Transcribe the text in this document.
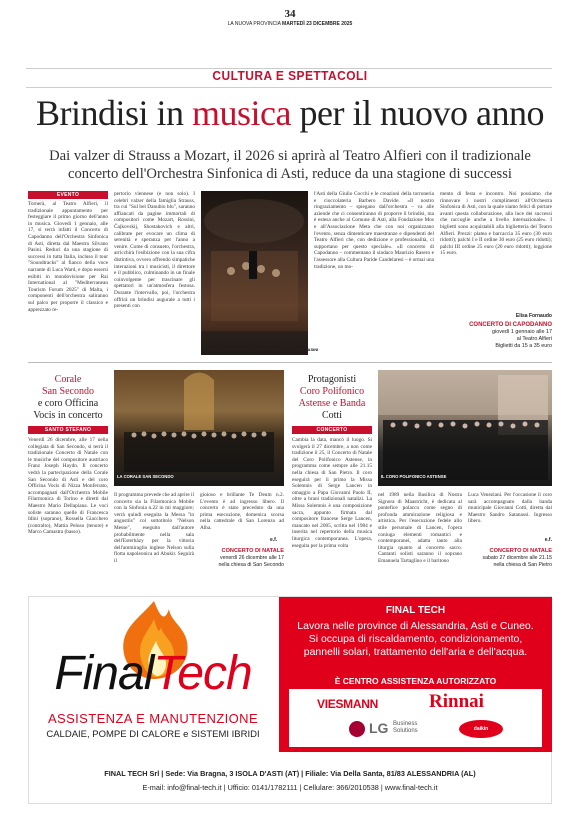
34
LA NUOVA PROVINCIA MARTEDÌ 23 DICEMBRE 2025
CULTURA E SPETTACOLI
Brindisi in musica per il nuovo anno
Dai valzer di Strauss a Mozart, il 2026 si aprirà al Teatro Alfieri con il tradizionale concerto dell'Orchestra Sinfonica di Asti, reduce da una stagione di successi
EVENTO
Tornerà, al Teatro Alfieri, il tradizionale appuntamento per festeggiare il primo giorno dell'anno in musica. Giovedì 1 gennaio, alle 17, si terrà infatti il Concerto di Capodanno dell'Orchestra Sinfonica di Asti, diretta dal Maestro Silvano Pasini. Reduci da una stagione di successi in tutta Italia, incluso il tour "Soundtracks" al fianco della voce narrante di Luca Ward, e dopo essersi esibiti in mondovisione per Rai International al "Mediterranean Tourism Forum 2025" di Malta, i componenti dell'orchestra saliranno sul palco per proporre il classico e apprezzato re-
pertorio viennese (e non solo). I celebri valzer della famiglia Strauss, tra cui "Sul bel Danubio blu", saranno affiancati da pagine immortali di compositori come Mozart, Rossini, Čajkovskij, Shostakovich e altri, calibrate per evocare un clima di serenità e speranza per l'anno a venire. Come di consueto, l'orchestra, arricchirà l'esibizione con la sua cifra distintiva, ovvero offrendo simpatiche interazioni tra i musicisti, il direttore e il pubblico, culminando in un finale coinvolgente per trascinare gli spettatori in un'atmosfera festosa. Durante l'intervallo, poi, l'orchestra offrirà un brindisi augurale a tutti i presenti con
SUL PALCO LA FORMAZIONE DIRETTA DA SILVANO PASINI
l'Asti della Giulio Cocchi e le creazioni della torroneria e cioccolateria Barbero Davide. «Il nostro ringraziamento – spiegano dall'orchestra – va alle aziende che ci consentiranno di proporre il brindisi, ma è estesa anche al Comune di Asti, alla Fondazione Mos e all'Associazione Meta che con noi organizzano l'evento, senza dimenticare maestranze e dipendenti del Teatro Alfieri che, con dedizione e professionalità, ci supportano per questo speciale». «Il concerto di Capodanno – commentano il sindaco Maurizio Rasero e l'assessore alla Cultura Paride Candelaresi – è ormai una tradizione, un mo-
mento di festa e incontro. Noi possiamo che rinnovare i nostri complimenti all'Orchestra Sinfonica di Asti, con la quale siamo felici di portare avanti questa collaborazione, alla luce dei successi che raccoglie anche a livello internazionale». I biglietti sono acquistabili alla biglietteria del Teatro Alfieri. Prezzi: platea e barcaccia 35 euro (30 euro ridotti); palchi I e II ordine 30 euro (25 euro ridotti); palchi III ordine 25 euro (20 euro ridotti); loggione 15 euro.
Elisa Fornaudo
CONCERTO DI CAPODANNO
giovedì 1 gennaio alle 17
al Teatro Alfieri
Biglietti da 15 a 35 euro
Corale
San Secondo
e coro Officina
Vocis in concerto
SANTO STEFANO
Venerdì 26 dicembre, alle 17 nella collegiata di San Secondo, si terrà il tradizionale Concerto di Natale con le musiche del compositore austriaco Franz Joseph Haydn. Il concerto vedrà la partecipazione della Corale San Secondo di Asti e del coro Officina Vocis di Nizza Monferrato, accompagnati dall'Orchestra Mobile Filarmonica di Torino e diretti dal Maestro Mario Dellapiana. Le voci soliste saranno quelle di Francesca Idini (soprano), Rossella Giacchero (contralto), Mattia Peluso (tenore) e Marco Camastra (basso).
LA CORALE SAN SECONDO
Il programma prevede che ad aprire il concerto sia la Filarmonica Mobile con la Sinfonia n.22 in mi maggiore; verrà quindi eseguita la Messa "in angustiis" col sottotitolo "Nelson Messe", eseguito dall'autore probabilmente nella sala dell'Esterházy per la vittoria dell'ammiraglio inglese Nelson sulla flotta napoleonica ad Abukir. Seguirà il
gioioso e brillante Te Deum n.2. L'evento è ad ingresso libero. Il concerto è stato preceduto da una prima esecuzione, domenica scorsa nella cattedrale di San Lorenzo ad Alba.
e.f.
CONCERTO DI NATALE
venerdì 26 dicembre alle 17
nella chiesa di San Secondo
Protagonisti
Coro Polifonico
Astense e Banda
Cotti
CONCERTO
Cambia la data, mancò il luogo. Si svolgerà il 27 dicembre, a non come tradizione il 25, il Concerto di Natale del Coro Polifonico Astense, in programma come sempre alle 21.15 nella chiesa di San Pietro. Il coro eseguirà per il primo la Missa Solemnis di Serge Lancen in omaggio a Papa Giovanni Paolo II, oltre a brani tradizionali natalizi. La Missa Solemnis è una composizione sacra, appunto firmata dal compositore francese Serge Lancen, mancato nel 2005, scritta nel 1984 e inserita nel repertorio della musica liturgica contemporanea. L'opera, eseguita per la prima volta
IL CORO POLIFONICO ASTENSE
nel 1989 nella Basilica di Nostra Signora di Maastricht, è dedicata al pontefice polacco come segno di profonda ammirazione religiosa e artistica. Per l'esecuzione fedele allo stile personale di Lancen, l'opera coniuga elementi romantici e contemporanei, adatta tanto alla liturgia quanto al concerto sacro. Cantanti solisti saranno il soprano Emanuela Tartaglino e il baritono
Luca Veneziani. Per l'occasione il coro sarà accompagnato dalla banda municipale Giovanni Cotti, diretta dal Maestro Sandro Satanassi. Ingresso libero.
e.f.
CONCERTO DI NATALE
sabato 27 dicembre alle 21.15
nella chiesa di San Pietro
FinalTech
ASSISTENZA E MANUTENZIONE
CALDAIE, POMPE DI CALORE e SISTEMI IBRIDI
FINAL TECH
Lavora nelle province di Alessandria, Asti e Cuneo. Si occupa di riscaldamento, condizionamento, pannelli solari, trattamento dell'aria e dell'acqua.
È CENTRO ASSISTENZA AUTORIZZATO
VIESMANN	Rinnai
LG Business
Solutions	daikin
FINAL TECH Srl | Sede: Via Bragna, 3 ISOLA D'ASTI (AT) | Filiale: Via Della Santa, 81/83 ALESSANDRIA (AL)
E-mail: info@final-tech.it | Ufficio: 0141/1782111 | Cellulare: 366/2010538 | www.final-tech.it
